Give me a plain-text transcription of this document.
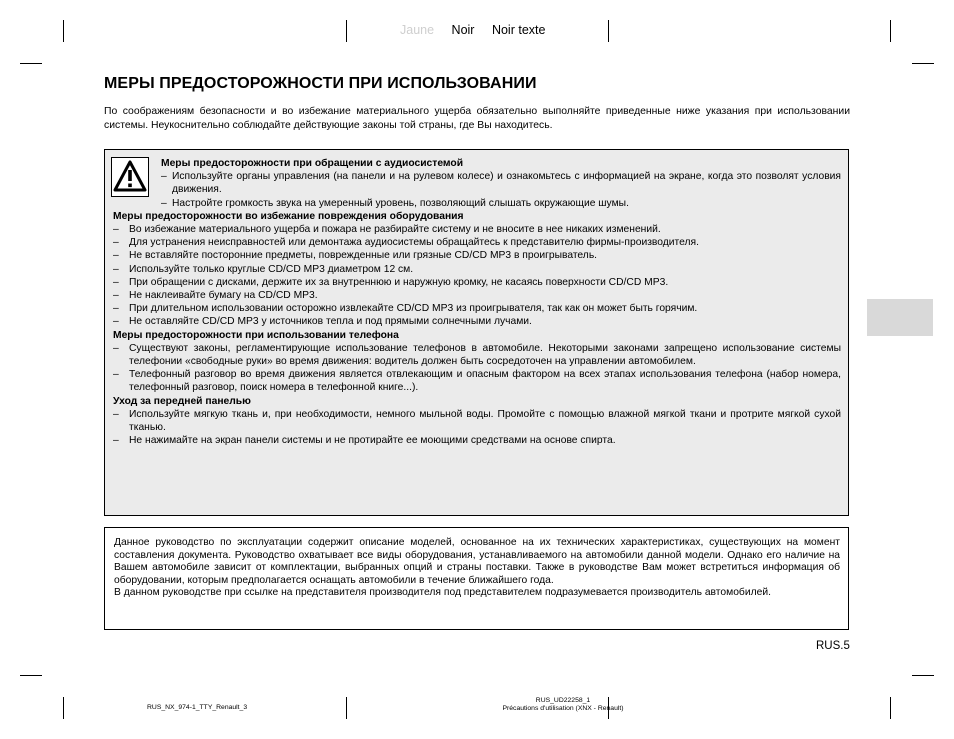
Jaune Noir Noir texte
МЕРЫ ПРЕДОСТОРОЖНОСТИ ПРИ ИСПОЛЬЗОВАНИИ

По соображениям безопасности и во избежание материального ущерба обязательно выполняйте приведенные ниже указания при использовании системы. Неукоснительно соблюдайте действующие законы той страны, где Вы находитесь.

Меры предосторожности при обращении с аудиосистемой
– Используйте органы управления (на панели и на рулевом колесе) и ознакомьтесь с информацией на экране, когда это позволят условия движения.
– Настройте громкость звука на умеренный уровень, позволяющий слышать окружающие шумы.
Меры предосторожности во избежание повреждения оборудования
– Во избежание материального ущерба и пожара не разбирайте систему и не вносите в нее никаких изменений.
– Для устранения неисправностей или демонтажа аудиосистемы обращайтесь к представителю фирмы-производителя.
– Не вставляйте посторонние предметы, поврежденные или грязные CD/CD MP3 в проигрыватель.
– Используйте только круглые CD/CD MP3 диаметром 12 см.
– При обращении с дисками, держите их за внутреннюю и наружную кромку, не касаясь поверхности CD/CD MP3.
– Не наклеивайте бумагу на CD/CD MP3.
– При длительном использовании осторожно извлекайте CD/CD MP3 из проигрывателя, так как он может быть горячим.
– Не оставляйте CD/CD MP3 у источников тепла и под прямыми солнечными лучами.
Меры предосторожности при использовании телефона
– Существуют законы, регламентирующие использование телефонов в автомобиле. Некоторыми законами запрещено использование системы телефонии «свободные руки» во время движения: водитель должен быть сосредоточен на управлении автомобилем.
– Телефонный разговор во время движения является отвлекающим и опасным фактором на всех этапах использования телефона (набор номера, телефонный разговор, поиск номера в телефонной книге...).
Уход за передней панелью
– Используйте мягкую ткань и, при необходимости, немного мыльной воды. Промойте с помощью влажной мягкой ткани и протрите мягкой сухой тканью.
– Не нажимайте на экран панели системы и не протирайте ее моющими средствами на основе спирта.

Данное руководство по эксплуатации содержит описание моделей, основанное на их технических характеристиках, существующих на момент составления документа. Руководство охватывает все виды оборудования, устанавливаемого на автомобили данной модели. Однако его наличие на Вашем автомобиле зависит от комплектации, выбранных опций и страны поставки. Также в руководстве Вам может встретиться информация об оборудовании, которым предполагается оснащать автомобили в течение ближайшего года.
В данном руководстве при ссылке на представителя производителя под представителем подразумевается производитель автомобилей.

RUS.5
RUS_NX_974-1_TTY_Renault_3
RUS_UD22258_1
Précautions d'utilisation (XNX - Renault)
